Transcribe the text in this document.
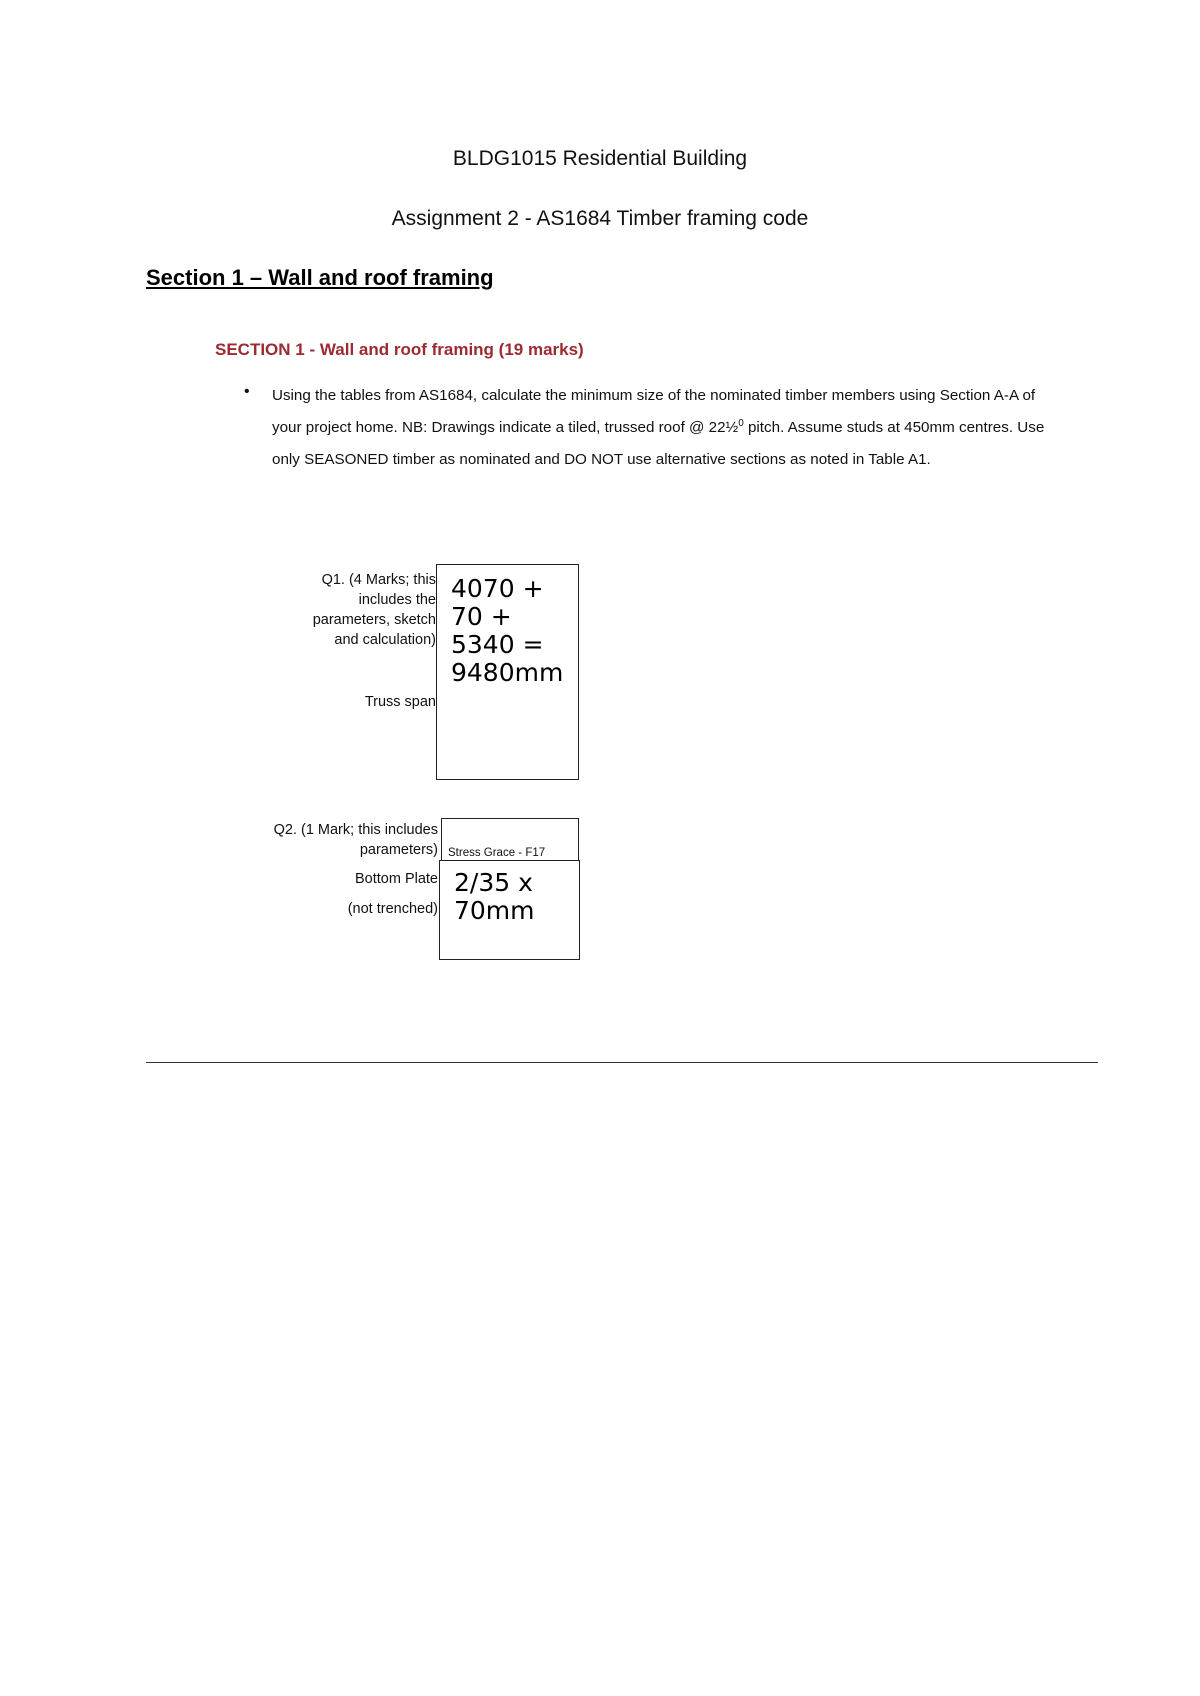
BLDG1015 Residential Building
Assignment 2 - AS1684 Timber framing code
Section 1 – Wall and roof framing
SECTION 1 - Wall and roof framing (19 marks)
•	Using the tables from AS1684, calculate the minimum size of the nominated timber members using Section A-A of your project home. NB: Drawings indicate a tiled, trussed roof @ 22½$^0$ pitch. Assume studs at 450mm centres. Use only SEASONED timber as nominated and DO NOT use alternative sections as noted in Table A1.
Q1. (4 Marks; this includes the parameters, sketch and calculation)
Truss span
4070 +
70 +
5340 =
9480mm
Q2. (1 Mark; this includes parameters) Stress Grace - F17
Bottom Plate
(not trenched)
2/35 x
70mm
